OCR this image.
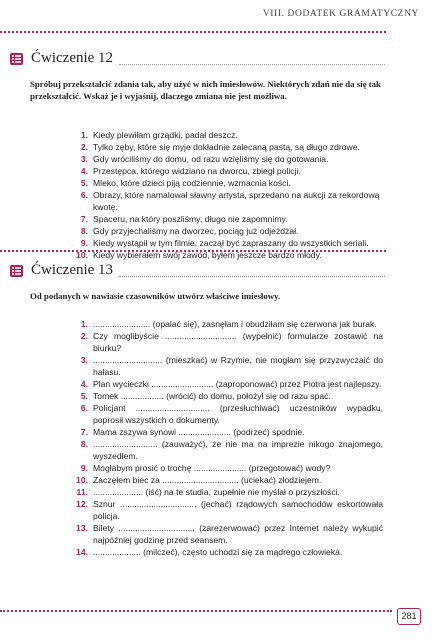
VIII. DODATEK GRAMATYCZNY
Ćwiczenie 12
Spróbuj przekształcić zdania tak, aby użyć w nich imiesłowów. Niektórych zdań nie da się tak przekształcić. Wskaż je i wyjaśnij, dlaczego zmiana nie jest możliwa.
1. Kiedy plewiłam grządki, padał deszcz.
2. Tylko zęby, które się myje dokładnie zalecaną pastą, są długo zdrowe.
3. Gdy wróciliśmy do domu, od razu wzięliśmy się do gotowania.
4. Przestępca, którego widziano na dworcu, zbiegł policji.
5. Mleko, które dzieci piją codziennie, wzmacnia kości.
6. Obrazy, które namalował sławny artysta, sprzedano na aukcji za rekordową kwotę.
7. Spaceru, na który poszliśmy, długo nie zapomnimy.
8. Gdy przyjechaliśmy na dworzec, pociąg już odjeżdżał.
9. Kiedy wystąpił w tym filmie, zaczął być zapraszany do wszystkich seriali.
10. Kiedy wybierałem swój zawód, byłem jeszcze bardzo młody.
Ćwiczenie 13
Od podanych w nawiasie czasowników utwórz właściwe imiesłowy.
1. ........................ (opalać się), zasnęłam i obudziłam się czerwona jak burak.
2. Czy moglibyście .............................. (wypełnić) formularze zostawić na biurku?
3. ............................. (mieszkać) w Rzymie, nie mogłam się przyzwyczaić do hałasu.
4. Plan wycieczki .......................... (zaproponować) przez Piotra jest najlepszy.
5. Tomek .................. (wrócić) do domu, położył się od razu spać.
6. Policjant ............................... (przesłuchiwać) uczestników wypadku, poprosił wszystkich o dokumenty.
7. Mama zszywa synowi ...................... (podrzeć) spodnie.
8. ........................... (zauważyć), że nie ma na imprezie nikogo znajomego, wyszedłem.
9. Mogłabym prosić o trochę ...................... (przegotować) wody?
10. Zaczęłem biec za ................................ (uciekać) złodziejem.
11. ..................... (iść) na te studia, zupełnie nie myślał o przyszłości.
12. Sznur ................................ (jechać) rządowych samochodów eskortowała policja.
13. Bilety ................................ (zarezerwować) przez Internet należy wykupić najpóźniej godzinę przed seansem.
14. .................... (milczeć), często uchodzi się za mądrego człowieka.
281
